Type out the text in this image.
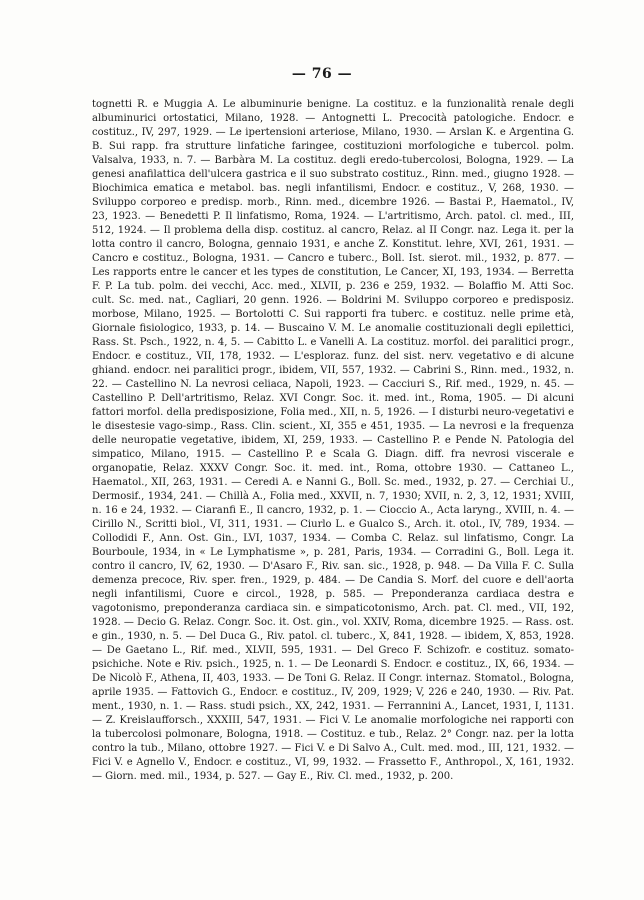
— 76 —

tognetti R. e Muggia A. Le albuminurie benigne. La costituz. e la funzionalità renale degli albuminurici ortostatici, Milano, 1928. — Antognetti L. Precocità patologiche. Endocr. e costituz., IV, 297, 1929. — Le ipertensioni arteriose, Milano, 1930. — Arslan K. e Argentina G. B. Sui rapp. fra strutture linfatiche faringee, costituzioni morfologiche e tubercol. polm. Valsalva, 1933, n. 7. — Barbàra M. La costituz. degli eredo-tubercolosi, Bologna, 1929. — La genesi anafilattica dell'ulcera gastrica e il suo substrato costituz., Rinn. med., giugno 1928. — Biochimica ematica e metabol. bas. negli infantilismi, Endocr. e costituz., V, 268, 1930. — Sviluppo corporeo e predisp. morb., Rinn. med., dicembre 1926. — Bastai P., Haematol., IV, 23, 1923. — Benedetti P. Il linfatismo, Roma, 1924. — L'artritismo, Arch. patol. cl. med., III, 512, 1924. — Il problema della disp. costituz. al cancro, Relaz. al II Congr. naz. Lega it. per la lotta contro il cancro, Bologna, gennaio 1931, e anche Z. Konstitut. lehre, XVI, 261, 1931. — Cancro e costituz., Bologna, 1931. — Cancro e tuberc., Boll. Ist. sierot. mil., 1932, p. 877. — Les rapports entre le cancer et les types de constitution, Le Cancer, XI, 193, 1934. — Berretta F. P. La tub. polm. dei vecchi, Acc. med., XLVII, p. 236 e 259, 1932. — Bolaffio M. Atti Soc. cult. Sc. med. nat., Cagliari, 20 genn. 1926. — Boldrini M. Sviluppo corporeo e predisposiz. morbose, Milano, 1925. — Bortolotti C. Sui rapporti fra tuberc. e costituz. nelle prime età, Giornale fisiologico, 1933, p. 14. — Buscaino V. M. Le anomalie costituzionali degli epilettici, Rass. St. Psch., 1922, n. 4, 5. — Cabitto L. e Vanelli A. La costituz. morfol. dei paralitici progr., Endocr. e costituz., VII, 178, 1932. — L'esploraz. funz. del sist. nerv. vegetativo e di alcune ghiand. endocr. nei paralitici progr., ibidem, VII, 557, 1932. — Cabrini S., Rinn. med., 1932, n. 22. — Castellino N. La nevrosi celiaca, Napoli, 1923. — Cacciuri S., Rif. med., 1929, n. 45. — Castellino P. Dell'artritismo, Relaz. XVI Congr. Soc. it. med. int., Roma, 1905. — Di alcuni fattori morfol. della predisposizione, Folia med., XII, n. 5, 1926. — I disturbi neuro-vegetativi e le disestesie vago-simp., Rass. Clin. scient., XI, 355 e 451, 1935. — La nevrosi e la frequenza delle neuropatie vegetative, ibidem, XI, 259, 1933. — Castellino P. e Pende N. Patologia del simpatico, Milano, 1915. — Castellino P. e Scala G. Diagn. diff. fra nevrosi viscerale e organopatie, Relaz. XXXV Congr. Soc. it. med. int., Roma, ottobre 1930. — Cattaneo L., Haematol., XII, 263, 1931. — Ceredi A. e Nanni G., Boll. Sc. med., 1932, p. 27. — Cerchiai U., Dermosif., 1934, 241. — Chillà A., Folia med., XXVII, n. 7, 1930; XVII, n. 2, 3, 12, 1931; XVIII, n. 16 e 24, 1932. — Ciaranfi E., Il cancro, 1932, p. 1. — Cioccio A., Acta laryng., XVIII, n. 4. — Cirillo N., Scritti biol., VI, 311, 1931. — Ciurlo L. e Gualco S., Arch. it. otol., IV, 789, 1934. — Collodidi F., Ann. Ost. Gin., LVI, 1037, 1934. — Comba C. Relaz. sul linfatismo, Congr. La Bourboule, 1934, in « Le Lymphatisme », p. 281, Paris, 1934. — Corradini G., Boll. Lega it. contro il cancro, IV, 62, 1930. — D'Asaro F., Riv. san. sic., 1928, p. 948. — Da Villa F. C. Sulla demenza precoce, Riv. sper. fren., 1929, p. 484. — De Candia S. Morf. del cuore e dell'aorta negli infantilismi, Cuore e circol., 1928, p. 585. — Preponderanza cardiaca destra e vagotonismo, preponderanza cardiaca sin. e simpaticotonismo, Arch. pat. Cl. med., VII, 192, 1928. — Decio G. Relaz. Congr. Soc. it. Ost. gin., vol. XXIV, Roma, dicembre 1925. — Rass. ost. e gin., 1930, n. 5. — Del Duca G., Riv. patol. cl. tuberc., X, 841, 1928. — ibidem, X, 853, 1928. — De Gaetano L., Rif. med., XLVII, 595, 1931. — Del Greco F. Schizofr. e costituz. somato-psichiche. Note e Riv. psich., 1925, n. 1. — De Leonardi S. Endocr. e costituz., IX, 66, 1934. — De Nicolò F., Athena, II, 403, 1933. — De Toni G. Relaz. II Congr. internaz. Stomatol., Bologna, aprile 1935. — Fattovich G., Endocr. e costituz., IV, 209, 1929; V, 226 e 240, 1930. — Riv. Pat. ment., 1930, n. 1. — Rass. studi psich., XX, 242, 1931. — Ferrannini A., Lancet, 1931, I, 1131. — Z. Kreislaufforsch., XXXIII, 547, 1931. — Fici V. Le anomalie morfologiche nei rapporti con la tubercolosi polmonare, Bologna, 1918. — Costituz. e tub., Relaz. 2° Congr. naz. per la lotta contro la tub., Milano, ottobre 1927. — Fici V. e Di Salvo A., Cult. med. mod., III, 121, 1932. — Fici V. e Agnello V., Endocr. e costituz., VI, 99, 1932. — Frassetto F., Anthropol., X, 161, 1932. — Giorn. med. mil., 1934, p. 527. — Gay E., Riv. Cl. med., 1932, p. 200.
